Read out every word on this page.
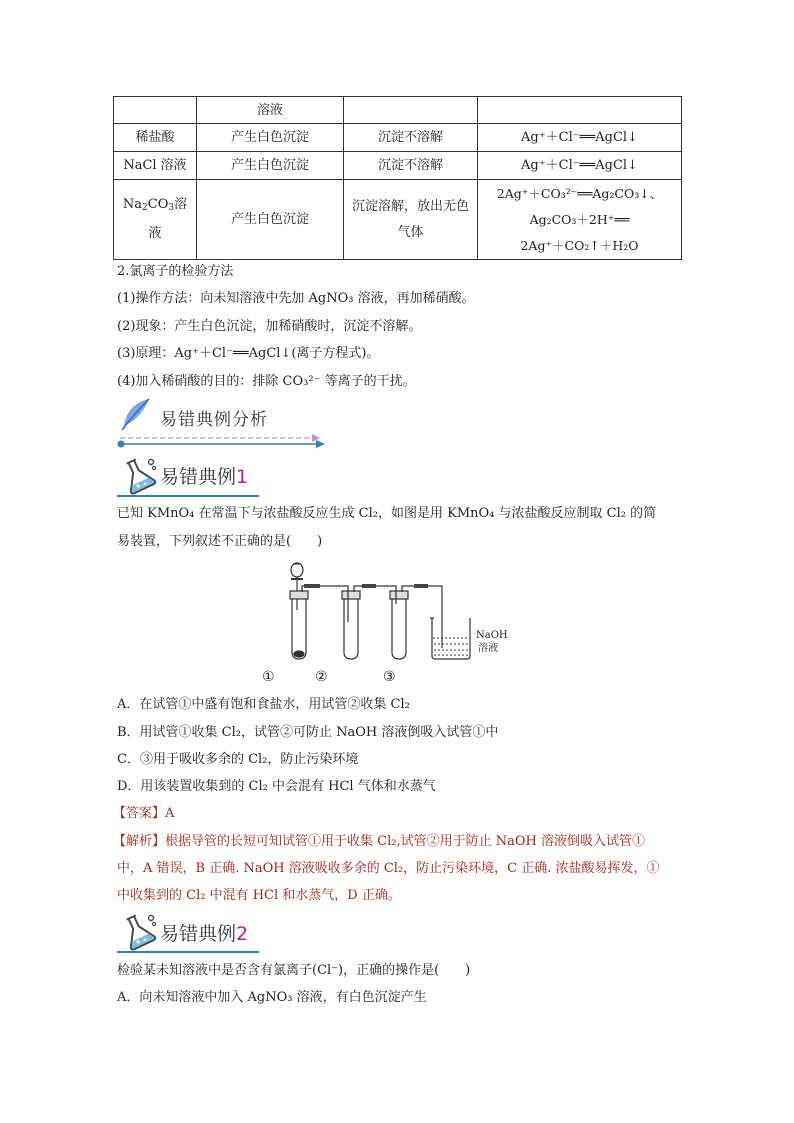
	溶液		
稀盐酸	产生白色沉淀	沉淀不溶解	Ag⁺＋Cl⁻══AgCl↓
NaCl 溶液	产生白色沉淀	沉淀不溶解	Ag⁺＋Cl⁻══AgCl↓
Na2CO3溶液	产生白色沉淀	沉淀溶解，放出无色气体	2Ag⁺＋CO₃²⁻══Ag₂CO₃↓、
Ag₂CO₃＋2H⁺══
2Ag⁺＋CO₂↑＋H₂O
2.氯离子的检验方法
(1)操作方法：向未知溶液中先加 AgNO₃ 溶液，再加稀硝酸。
(2)现象：产生白色沉淀，加稀硝酸时，沉淀不溶解。
(3)原理：Ag⁺＋Cl⁻══AgCl↓(离子方程式)。
(4)加入稀硝酸的目的：排除 CO₃²⁻ 等离子的干扰。
易错典例分析
易错典例1
已知 KMnO₄ 在常温下与浓盐酸反应生成 Cl₂，如图是用 KMnO₄ 与浓盐酸反应制取 Cl₂ 的简
易装置，下列叙述不正确的是(　　)
NaOH
溶液
①	②	③
A．在试管①中盛有饱和食盐水，用试管②收集 Cl₂
B．用试管①收集 Cl₂，试管②可防止 NaOH 溶液倒吸入试管①中
C．③用于吸收多余的 Cl₂，防止污染环境
D．用该装置收集到的 Cl₂ 中会混有 HCl 气体和水蒸气
【答案】A
【解析】根据导管的长短可知试管①用于收集 Cl₂,试管②用于防止 NaOH 溶液倒吸入试管①
中，A 错误，B 正确. NaOH 溶液吸收多余的 Cl₂，防止污染环境，C 正确. 浓盐酸易挥发，①
中收集到的 Cl₂ 中混有 HCl 和水蒸气，D 正确。
易错典例2
检验某未知溶液中是否含有氯离子(Cl⁻)，正确的操作是(　　)
A．向未知溶液中加入 AgNO₃ 溶液，有白色沉淀产生
